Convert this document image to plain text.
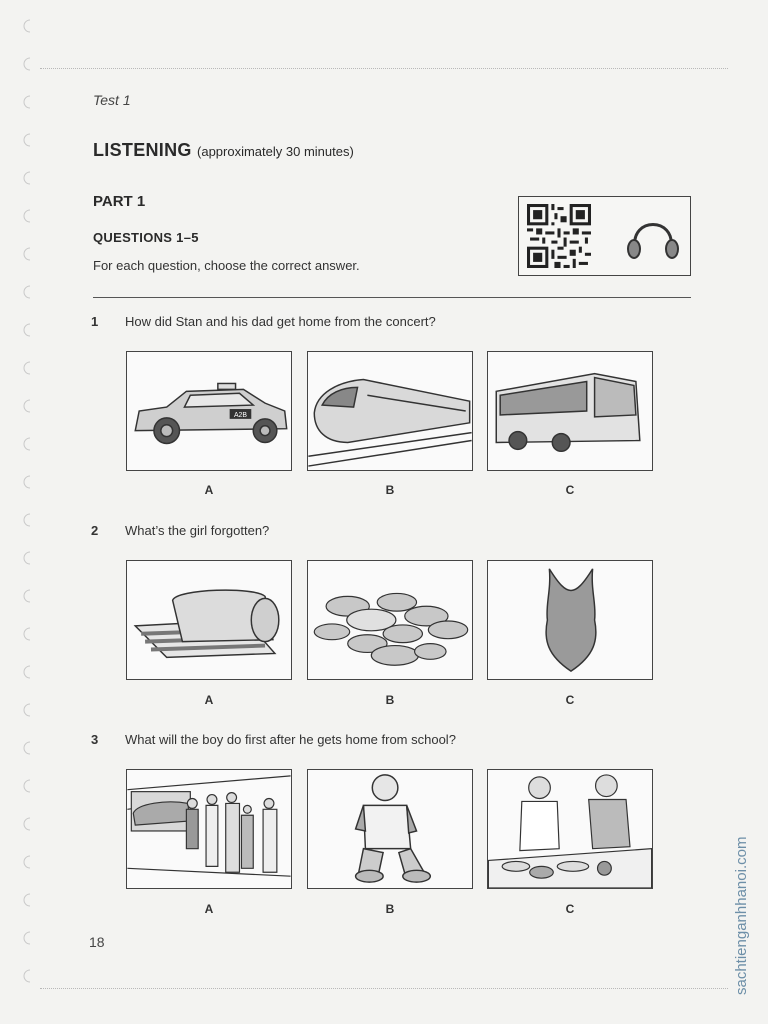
Test 1
LISTENING (approximately 30 minutes)
PART 1
QUESTIONS 1–5
For each question, choose the correct answer.
1 How did Stan and his dad get home from the concert?
A2B
A	B	C
2 What’s the girl forgotten?
A	B	C
3 What will the boy do first after he gets home from school?
A	B	C
18	sachtienganhhanoi.com
